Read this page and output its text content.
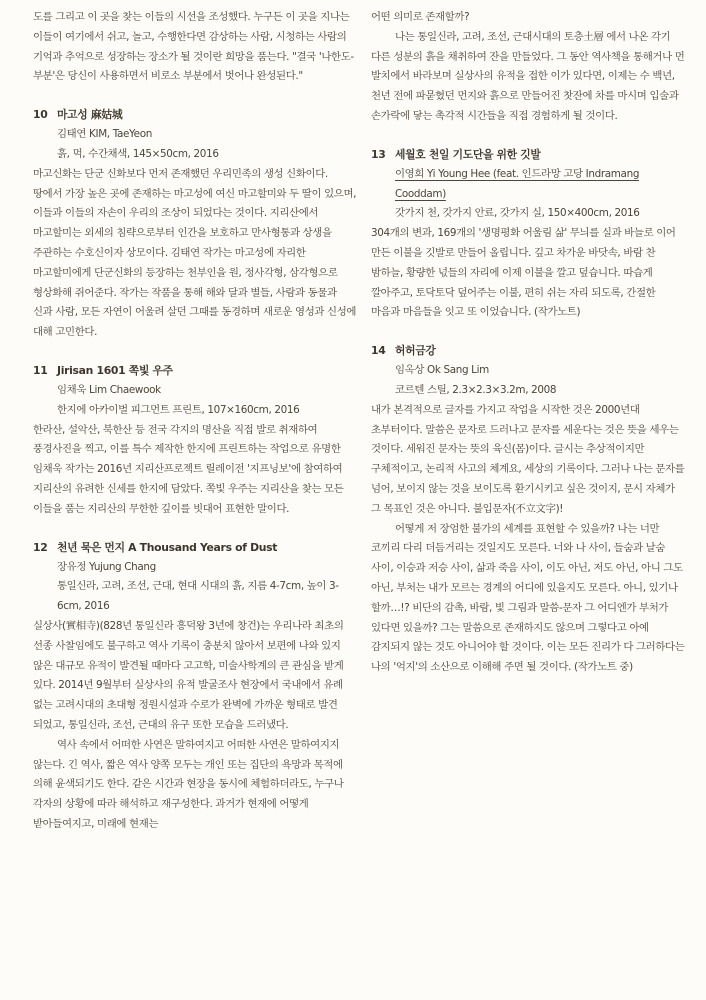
도를 그리고 이 곳을 찾는 이들의 시선을 조성했다. 누구든 이 곳을 지나는 이들이 여기에서 쉬고, 놀고, 수행한다면 감상하는 사람, 시청하는 사람의 기억과 추억으로 성장하는 장소가 될 것이란 희망을 품는다. "결국 '나한도-부분'은 당신이 사용하면서 비로소 부분에서 벗어나 완성된다."

10 마고성 麻姑城

김태연 KIM, TaeYeon

흙, 먹, 수간채색, 145×50cm, 2016

마고신화는 단군 신화보다 먼저 존재했던 우리민족의 생성 신화이다. 땅에서 가장 높은 곳에 존재하는 마고성에 여신 마고할미와 두 딸이 있으며, 이들과 이들의 자손이 우리의 조상이 되었다는 것이다. 지리산에서 마고할미는 외세의 침략으로부터 인간을 보호하고 만사형통과 상생을 주관하는 수호신이자 상모이다. 김태연 작가는 마고성에 자리한 마고할미에게 단군신화의 등장하는 천부인을 원, 정사각형, 삼각형으로 형상화해 쥐어준다. 작가는 작품을 통해 해와 달과 별들, 사람과 동물과 신과 사람, 모든 자연이 어울려 살던 그때를 동경하며 새로운 영성과 신성에 대해 고민한다.

11 Jirisan 1601 쪽빛 우주

임채욱 Lim Chaewook

한지에 아카이벌 피그먼트 프린트, 107×160cm, 2016

한라산, 설악산, 북한산 등 전국 각지의 명산을 직접 발로 취재하여 풍경사진을 찍고, 이를 특수 제작한 한지에 프린트하는 작업으로 유명한 임채욱 작가는 2016년 지리산프로젝트 릴레이전 '지프닝보'에 참여하여 지리산의 유려한 신세를 한지에 담았다. 쪽빛 우주는 지리산을 찾는 모든 이들을 품는 지리산의 무한한 깊이를 빗대어 표현한 말이다.

12 천년 묵은 먼지 A Thousand Years of Dust

장유정 Yujung Chang

통일신라, 고려, 조선, 근대, 현대 시대의 흙, 지름 4-7cm, 높이 3-6cm, 2016

실상사(實相寺)(828년 통일신라 흥덕왕 3년에 창건)는 우리나라 최초의 선종 사찰임에도 불구하고 역사 기록이 충분치 않아서 보편에 나와 있지 않은 대규모 유적이 발견될 때마다 고고학, 미술사학계의 큰 관심을 받게 있다. 2014년 9월부터 실상사의 유적 발굴조사 현장에서 국내에서 유례 없는 고려시대의 초대형 정원시설과 수로가 완벽에 가까운 형태로 발견 되었고, 통일신라, 조선, 근대의 유구 또한 모습을 드러냈다.

역사 속에서 어떠한 사연은 말하여지고 어떠한 사연은 말하여지지 않는다. 긴 역사, 짧은 역사 양쪽 모두는 개인 또는 집단의 욕망과 목적에 의해 윤색되기도 한다. 같은 시간과 현장을 동시에 체험하더라도, 누구나 각자의 상황에 따라 해석하고 재구성한다. 과거가 현재에 어떻게 받아들여지고, 미래에 현재는

어떤 의미로 존재할까?

나는 통일신라, 고려, 조선, 근대시대의 토층土層 에서 나온 각기 다른 성분의 흙을 채취하여 잔을 만들었다. 그 동안 역사책을 통해거나 먼 발치에서 바라보며 실상사의 유적을 접한 이가 있다면, 이제는 수 백년, 천년 전에 파묻혔던 먼지와 흙으로 만들어진 찻잔에 차를 마시며 입술과 손가락에 닿는 촉각적 시간들을 직접 경험하게 될 것이다.

13 세월호 천일 기도단을 위한 깃발

이영희 Yi Young Hee (feat. 인드라망 고당 Indramang Cooddam)

갓가지 천, 갓가지 안료, 갓가지 실, 150×400cm, 2016

304개의 변과, 169개의 '생명평화 어울림 삶' 무늬를 실과 바늘로 이어 만든 이불을 깃발로 만들어 올립니다. 깊고 차가운 바닷속, 바람 찬 밤하늘, 황량한 넋들의 자리에 이제 이불을 깔고 덮습니다. 따습게 깔아주고, 토닥토닥 덮어주는 이불, 편히 쉬는 자리 되도록, 간절한 마음과 마음들을 잇고 또 이었습니다. (작가노트)

14 허허금강

임옥상 Ok Sang Lim

코르텐 스틸, 2.3×2.3×3.2m, 2008

내가 본격적으로 글자를 가지고 작업을 시작한 것은 2000년대 초부터이다. 말씀은 문자로 드러나고 문자를 세운다는 것은 뜻을 세우는 것이다. 세워진 문자는 뜻의 육신(몸)이다. 글시는 추상적이지만 구체적이고, 논리적 사고의 체계요, 세상의 기록이다. 그러나 나는 문자를 넘어, 보이지 않는 것을 보이도록 환기시키고 싶은 것이지, 문시 자체가 그 목표인 것은 아니다. 불입문자(不立文字)!

어떻게 저 장엄한 불가의 세계를 표현할 수 있을까? 나는 너만 코끼리 다리 더듬거리는 것일지도 모른다. 너와 나 사이, 들숨과 날숨 사이, 이승과 저승 사이, 삶과 죽음 사이, 이도 아닌, 저도 아닌, 아니 그도 아닌, 부처는 내가 모르는 경계의 어디에 있을지도 모른다. 아니, 있기나 할까…!? 비단의 감촉, 바람, 빛 그림과 말씀-문자 그 어디엔가 부처가 있다면 있을까? 그는 말씀으로 존재하지도 않으며 그렇다고 아예 감지되지 않는 것도 아니어야 할 것이다. 이는 모든 진리가 다 그러하다는 나의 '억지'의 소산으로 이해해 주면 될 것이다. (작가노트 중)
